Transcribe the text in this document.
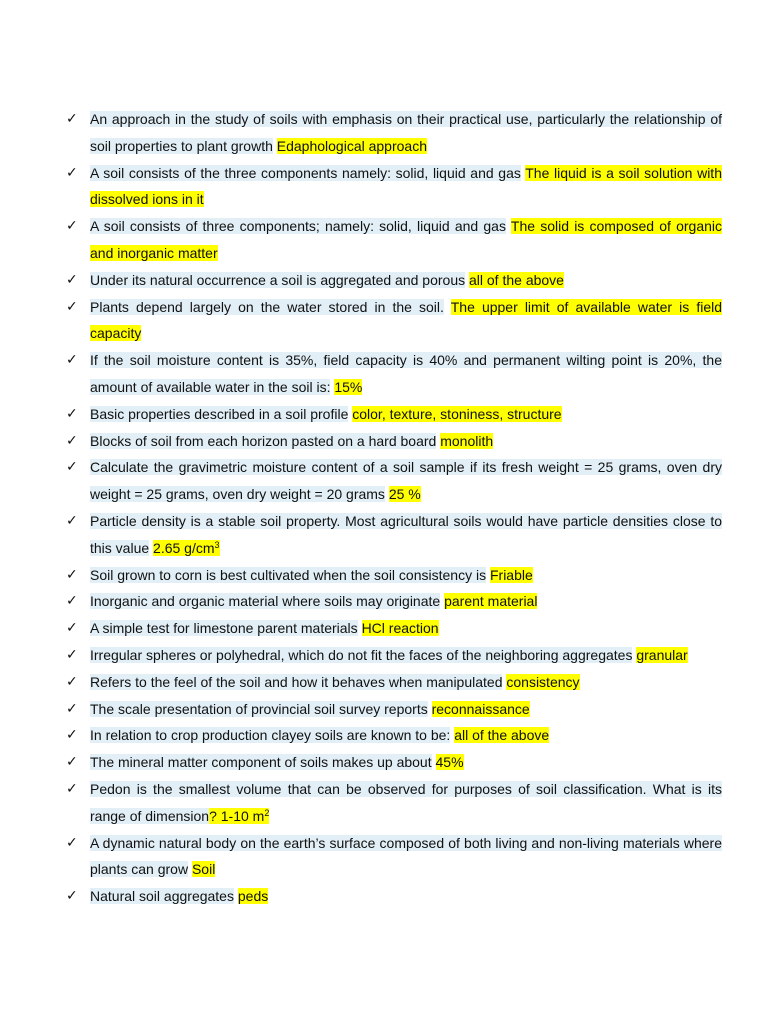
✓ An approach in the study of soils with emphasis on their practical use, particularly the relationship of soil properties to plant growth Edaphological approach
✓ A soil consists of the three components namely: solid, liquid and gas The liquid is a soil solution with dissolved ions in it
✓ A soil consists of three components; namely: solid, liquid and gas The solid is composed of organic and inorganic matter
✓ Under its natural occurrence a soil is aggregated and porous all of the above
✓ Plants depend largely on the water stored in the soil. The upper limit of available water is field capacity
✓ If the soil moisture content is 35%, field capacity is 40% and permanent wilting point is 20%, the amount of available water in the soil is: 15%
✓ Basic properties described in a soil profile color, texture, stoniness, structure
✓ Blocks of soil from each horizon pasted on a hard board monolith
✓ Calculate the gravimetric moisture content of a soil sample if its fresh weight = 25 grams, oven dry weight = 25 grams, oven dry weight = 20 grams 25 %
✓ Particle density is a stable soil property. Most agricultural soils would have particle densities close to this value 2.65 $g/cm^3$
✓ Soil grown to corn is best cultivated when the soil consistency is Friable
✓ Inorganic and organic material where soils may originate parent material
✓ A simple test for limestone parent materials HCl reaction
✓ Irregular spheres or polyhedral, which do not fit the faces of the neighboring aggregates granular
✓ Refers to the feel of the soil and how it behaves when manipulated consistency
✓ The scale presentation of provincial soil survey reports reconnaissance
✓ In relation to crop production clayey soils are known to be: all of the above
✓ The mineral matter component of soils makes up about 45%
✓ Pedon is the smallest volume that can be observed for purposes of soil classification. What is its range of dimension? 1-10 $m^2$
✓ A dynamic natural body on the earth’s surface composed of both living and non-living materials where plants can grow Soil
✓ Natural soil aggregates peds
